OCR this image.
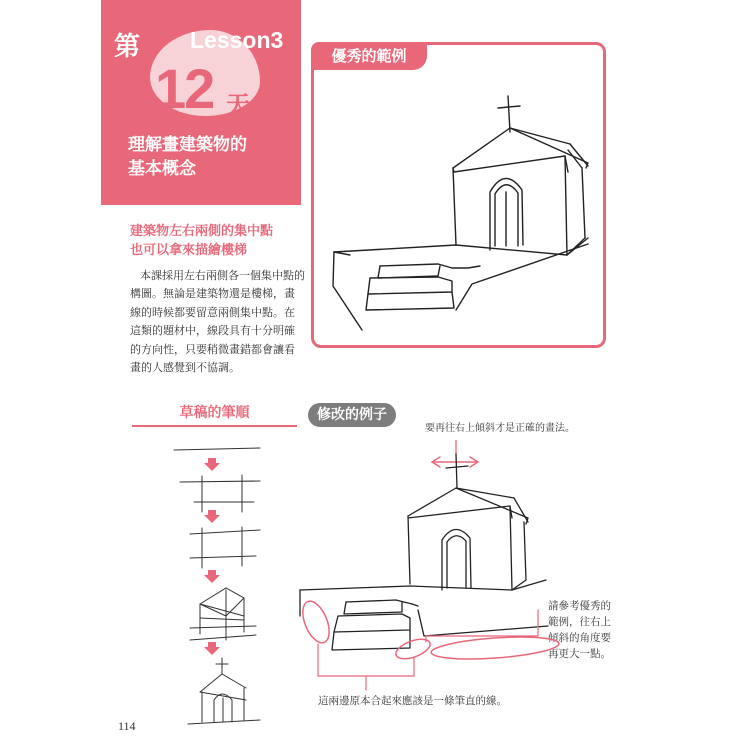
第 Lesson3
12 天
理解畫建築物的
基本概念
建築物左右兩側的集中點
也可以拿來描繪樓梯
本課採用左右兩側各一個集中點的構圖。無論是建築物還是樓梯，畫線的時候都要留意兩側集中點。在這類的題材中，線段具有十分明確的方向性，只要稍微畫錯都會讓看畫的人感覺到不協調。
優秀的範例
草稿的筆順	修改的例子
要再往右上傾斜才是正確的畫法。
請參考優秀的
範例，往右上
傾斜的角度要
再更大一點。
這兩邊原本合起來應該是一條筆直的線。
114
